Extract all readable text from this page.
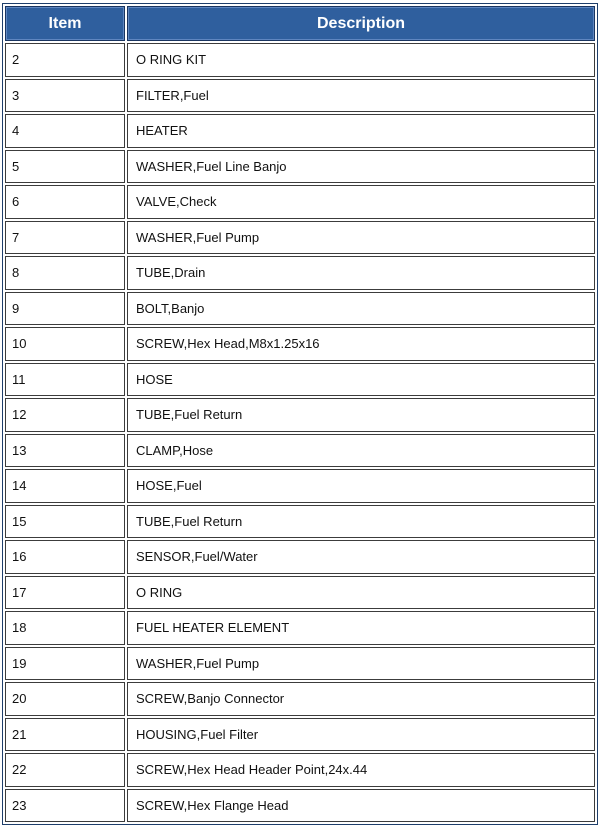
Item	Description
2	O RING KIT
3	FILTER,Fuel
4	HEATER
5	WASHER,Fuel Line Banjo
6	VALVE,Check
7	WASHER,Fuel Pump
8	TUBE,Drain
9	BOLT,Banjo
10	SCREW,Hex Head,M8x1.25x16
11	HOSE
12	TUBE,Fuel Return
13	CLAMP,Hose
14	HOSE,Fuel
15	TUBE,Fuel Return
16	SENSOR,Fuel/Water
17	O RING
18	FUEL HEATER ELEMENT
19	WASHER,Fuel Pump
20	SCREW,Banjo Connector
21	HOUSING,Fuel Filter
22	SCREW,Hex Head Header Point,24x.44
23	SCREW,Hex Flange Head
